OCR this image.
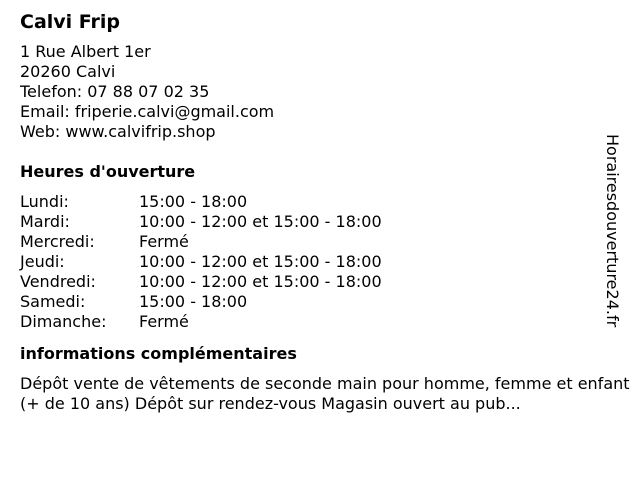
Calvi Frip
1 Rue Albert 1er
20260 Calvi
Telefon: 07 88 07 02 35
Email: friperie.calvi@gmail.com
Web: www.calvifrip.shop
Heures d'ouverture
Lundi:	15:00 - 18:00
Mardi:	10:00 - 12:00 et 15:00 - 18:00
Mercredi:	Fermé
Jeudi:	10:00 - 12:00 et 15:00 - 18:00
Vendredi:	10:00 - 12:00 et 15:00 - 18:00
Samedi:	15:00 - 18:00
Dimanche:	Fermé
informations complémentaires
Dépôt vente de vêtements de seconde main pour homme, femme et enfant (+ de 10 ans) Dépôt sur rendez-vous Magasin ouvert au pub...
Horairesdouverture24.fr
